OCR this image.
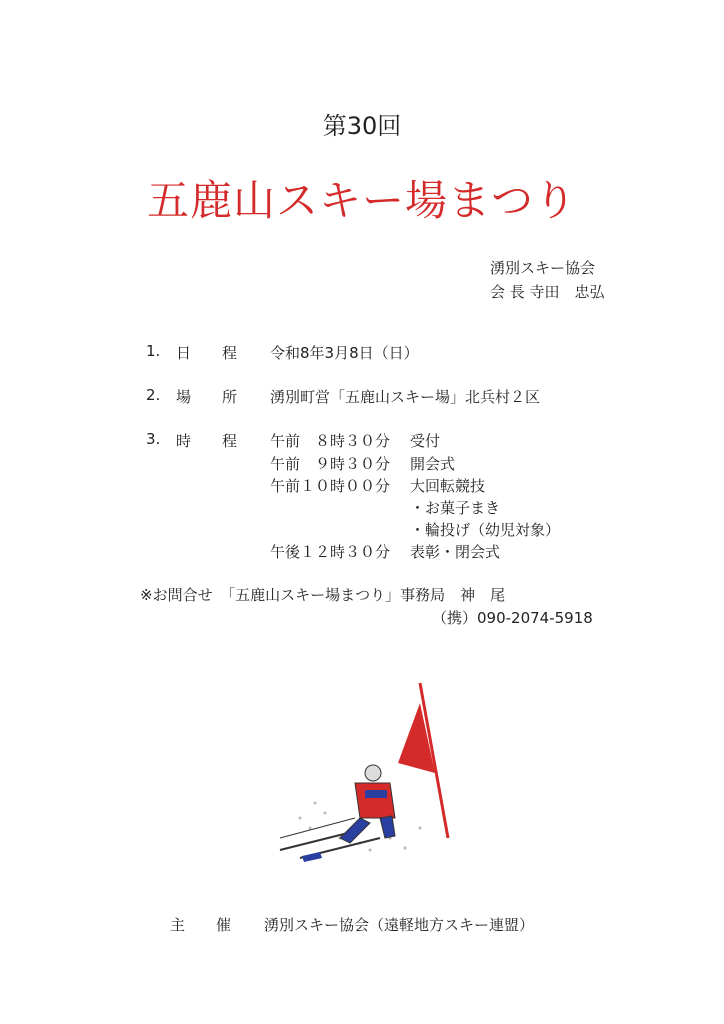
第30回
五鹿山スキー場まつり
湧別スキー協会
会 長 寺田　忠弘
1. 日 程 令和8年3月8日（日）
2. 場 所 湧別町営「五鹿山スキー場」北兵村２区
3. 時 程 午前　８時３０分 受付
午前　９時３０分 開会式
午前１０時００分 大回転競技
・お菓子まき
・輪投げ（幼児対象）
午後１２時３０分 表彰・閉会式
※お問合せ　「五鹿山スキー場まつり」事務局　神　尾
（携）090-2074-5918
主 催 湧別スキー協会（遠軽地方スキー連盟）
